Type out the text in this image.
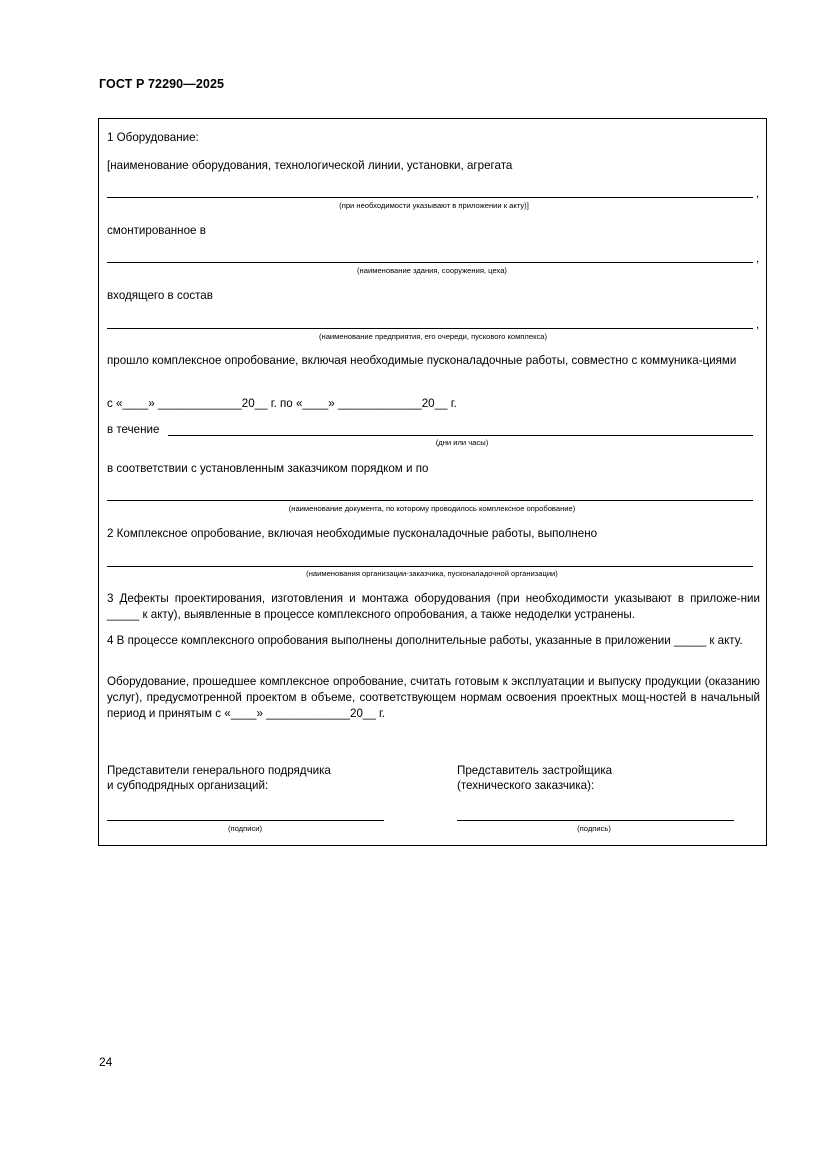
ГОСТ Р 72290—2025
1 Оборудование:
[наименование оборудования, технологической линии, установки, агрегата
,
(при необходимости указывают в приложении к акту)]
смонтированное в
,
(наименование здания, сооружения, цеха)
входящего в состав
,
(наименование предприятия, его очереди, пускового комплекса)
прошло комплексное опробование, включая необходимые пусконаладочные работы, совместно с коммуника-циями
с «____» _____________20__ г. по «____» _____________20__ г.
в течение
(дни или часы)
в соответствии с установленным заказчиком порядком и по
(наименование документа, по которому проводилось комплексное опробование)
2 Комплексное опробование, включая необходимые пусконаладочные работы, выполнено
(наименования организации-заказчика, пусконаладочной организации)
3 Дефекты проектирования, изготовления и монтажа оборудования (при необходимости указывают в приложе-нии _____ к акту), выявленные в процессе комплексного опробования, а также недоделки устранены.
4 В процессе комплексного опробования выполнены дополнительные работы, указанные в приложении _____ к акту.
Оборудование, прошедшее комплексное опробование, считать готовым к эксплуатации и выпуску продукции (оказанию услуг), предусмотренной проектом в объеме, соответствующем нормам освоения проектных мощ-ностей в начальный период и принятым с «____» _____________20__ г.
Представители генерального подрядчика
и субподрядных организаций:
Представитель застройщика
(технического заказчика):
(подписи)	(подпись)
24
